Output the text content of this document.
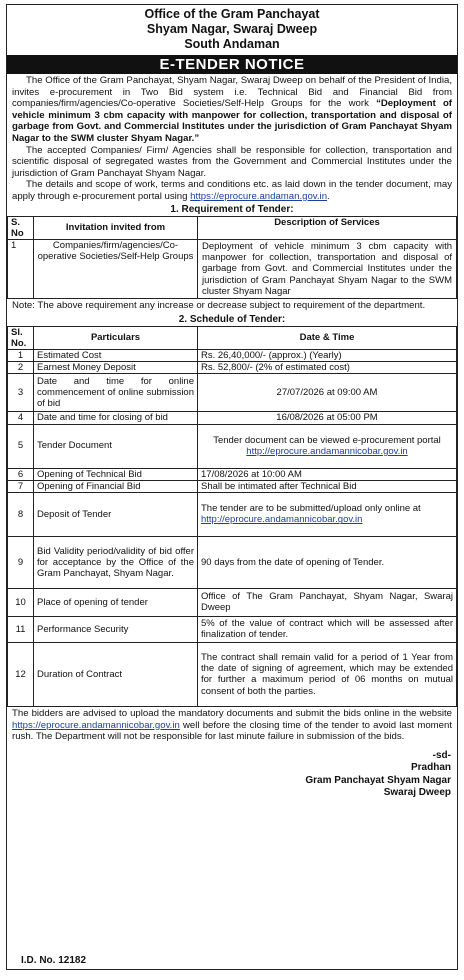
Office of the Gram Panchayat
Shyam Nagar, Swaraj Dweep
South Andaman
E-TENDER NOTICE
The Office of the Gram Panchayat, Shyam Nagar, Swaraj Dweep on behalf of the President of India, invites e-procurement in Two Bid system i.e. Technical Bid and Financial Bid from companies/firm/agencies/Co-operative Societies/Self-Help Groups for the work “Deployment of vehicle minimum 3 cbm capacity with manpower for collection, transportation and disposal of garbage from Govt. and Commercial Institutes under the jurisdiction of Gram Panchayat Shyam Nagar to the SWM cluster Shyam Nagar.”
The accepted Companies/ Firm/ Agencies shall be responsible for collection, transportation and scientific disposal of segregated wastes from the Government and Commercial Institutes under the jurisdiction of Gram Panchayat Shyam Nagar.
The details and scope of work, terms and conditions etc. as laid down in the tender document, may apply through e-procurement portal using https://eprocure.andaman.gov.in.
1. Requirement of Tender:
S. No	Invitation invited from	Description of Services
1	Companies/firm/agencies/Co-operative Societies/Self-Help Groups	Deployment of vehicle minimum 3 cbm capacity with manpower for collection, transportation and disposal of garbage from Govt. and Commercial Institutes under the jurisdiction of Gram Panchayat Shyam Nagar to the SWM cluster Shyam Nagar
Note: The above requirement any increase or decrease subject to requirement of the department.
2. Schedule of Tender:
Sl. No.	Particulars	Date & Time
1	Estimated Cost	Rs. 26,40,000/- (approx.) (Yearly)
2	Earnest Money Deposit	Rs. 52,800/- (2% of estimated cost)
3	Date and time for online commencement of online submission of bid	27/07/2026 at 09:00 AM
4	Date and time for closing of bid	16/08/2026 at 05:00 PM
5	Tender Document	Tender document can be viewed e-procurement portal
http://eprocure.andamannicobar.gov.in
6	Opening of Technical Bid	17/08/2026 at 10:00 AM
7	Opening of Financial Bid	Shall be intimated after Technical Bid
8	Deposit of Tender	The tender are to be submitted/upload only online at
http://eprocure.andamannicobar.gov.in
9	Bid Validity period/validity of bid offer for acceptance by the Office of the Gram Panchayat, Shyam Nagar.	90 days from the date of opening of Tender.
10	Place of opening of tender	Office of The Gram Panchayat, Shyam Nagar, Swaraj Dweep
11	Performance Security	5% of the value of contract which will be assessed after finalization of tender.
12	Duration of Contract	The contract shall remain valid for a period of 1 Year from the date of signing of agreement, which may be extended for further a maximum period of 06 months on mutual consent of both the parties.
The bidders are advised to upload the mandatory documents and submit the bids online in the website https://eprocure.andamannicobar.gov.in well before the closing time of the tender to avoid last moment rush. The Department will not be responsible for last minute failure in submission of the bids.
-sd-
Pradhan
Gram Panchayat Shyam Nagar
Swaraj Dweep
I.D. No. 12182
